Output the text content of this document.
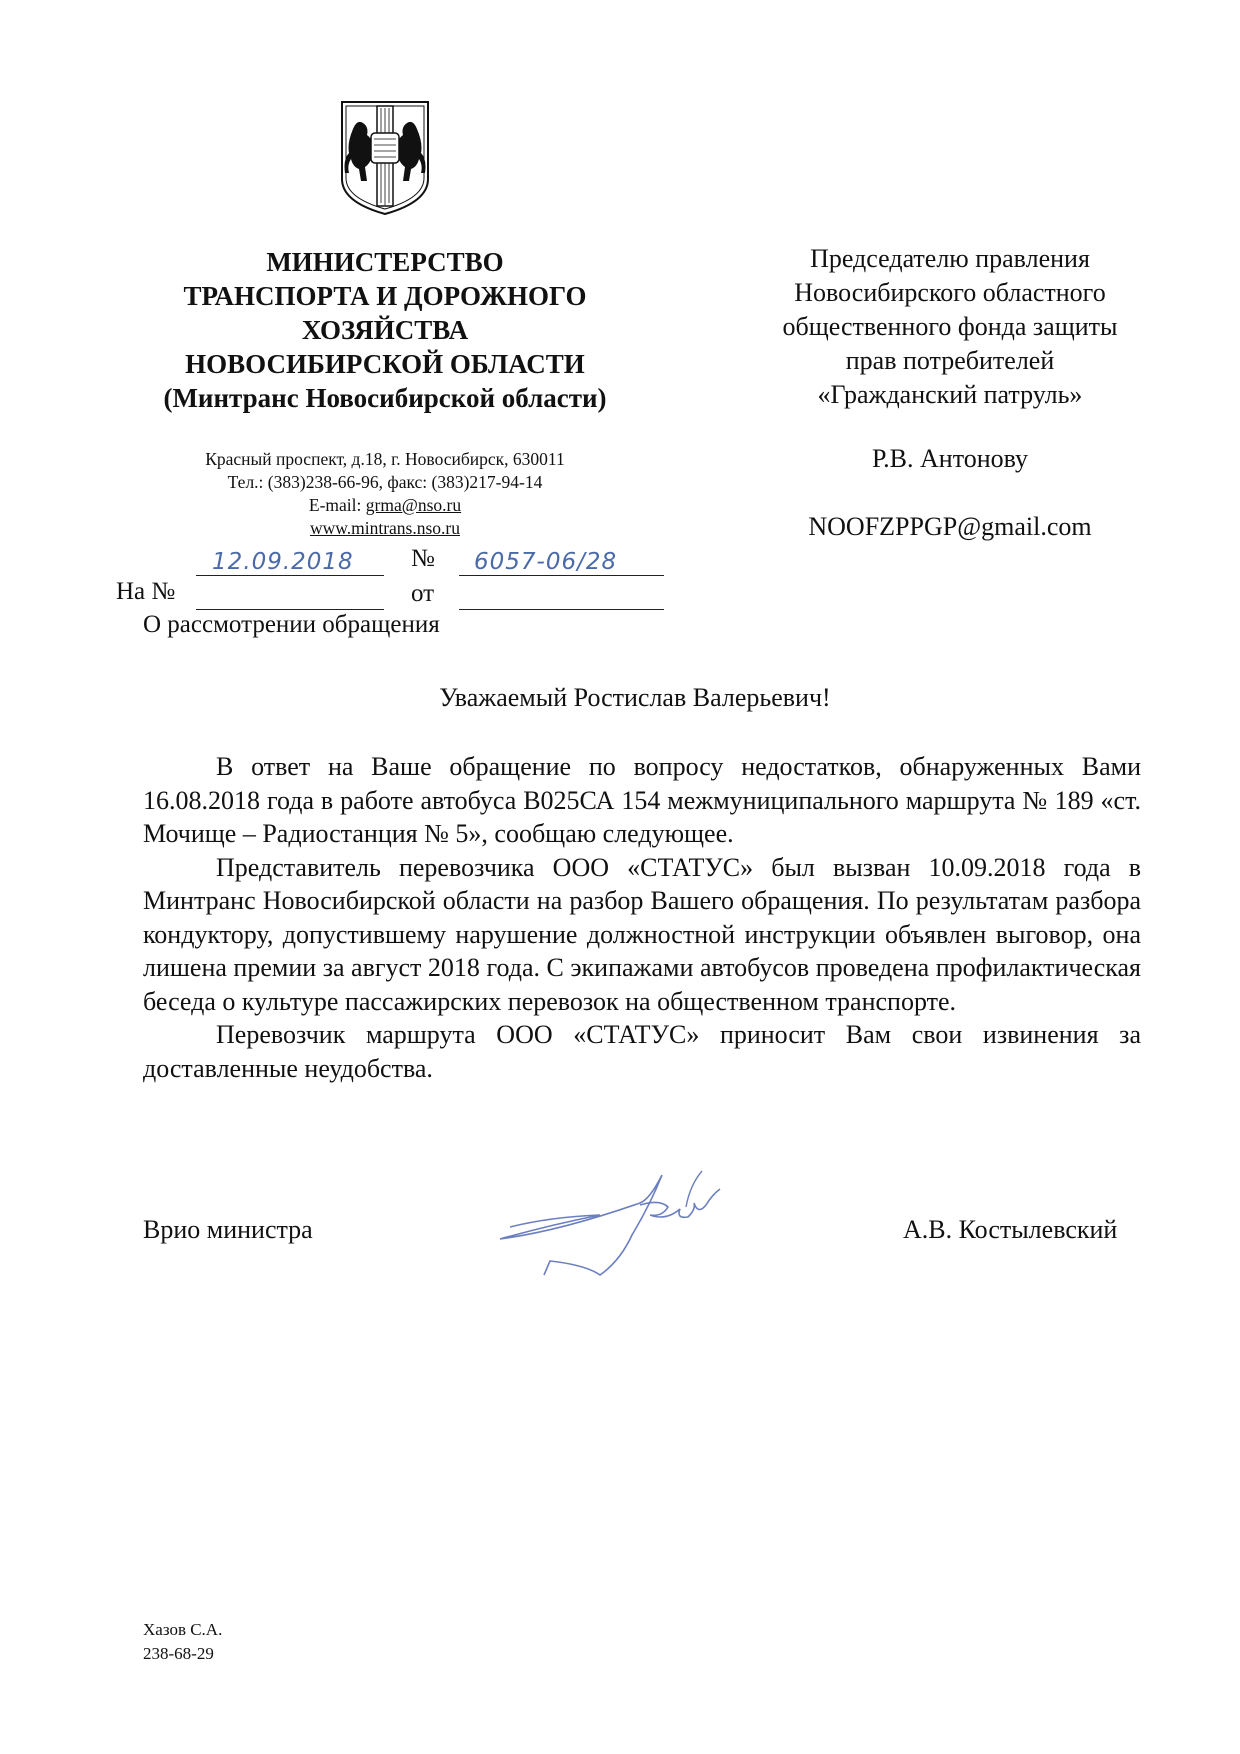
МИНИСТЕРСТВО
ТРАНСПОРТА И ДОРОЖНОГО
ХОЗЯЙСТВА
НОВОСИБИРСКОЙ ОБЛАСТИ
(Минтранс Новосибирской области)
Красный проспект, д.18, г. Новосибирск, 630011
Тел.: (383)238-66-96, факс: (383)217-94-14
E-mail: grma@nso.ru
www.mintrans.nso.ru
Председателю правления
Новосибирского областного
общественного фонда защиты
прав потребителей
«Гражданский патруль»
Р.В. Антонову
NOOFZPPGP@gmail.com
12.09.2018 № 6057-06/28
На №	от
О рассмотрении обращения
Уважаемый Ростислав Валерьевич!

В ответ на Ваше обращение по вопросу недостатков, обнаруженных Вами 16.08.2018 года в работе автобуса В025СА 154 межмуниципального маршрута № 189 «ст. Мочище – Радиостанция № 5», сообщаю следующее.

Представитель перевозчика ООО «СТАТУС» был вызван 10.09.2018 года в Минтранс Новосибирской области на разбор Вашего обращения. По результатам разбора кондуктору, допустившему нарушение должностной инструкции объявлен выговор, она лишена премии за август 2018 года. С экипажами автобусов проведена профилактическая беседа о культуре пассажирских перевозок на общественном транспорте.

Перевозчик маршрута ООО «СТАТУС» приносит Вам свои извинения за доставленные неудобства.

Врио министра	А.В. Костылевский
Хазов С.А.
238-68-29
